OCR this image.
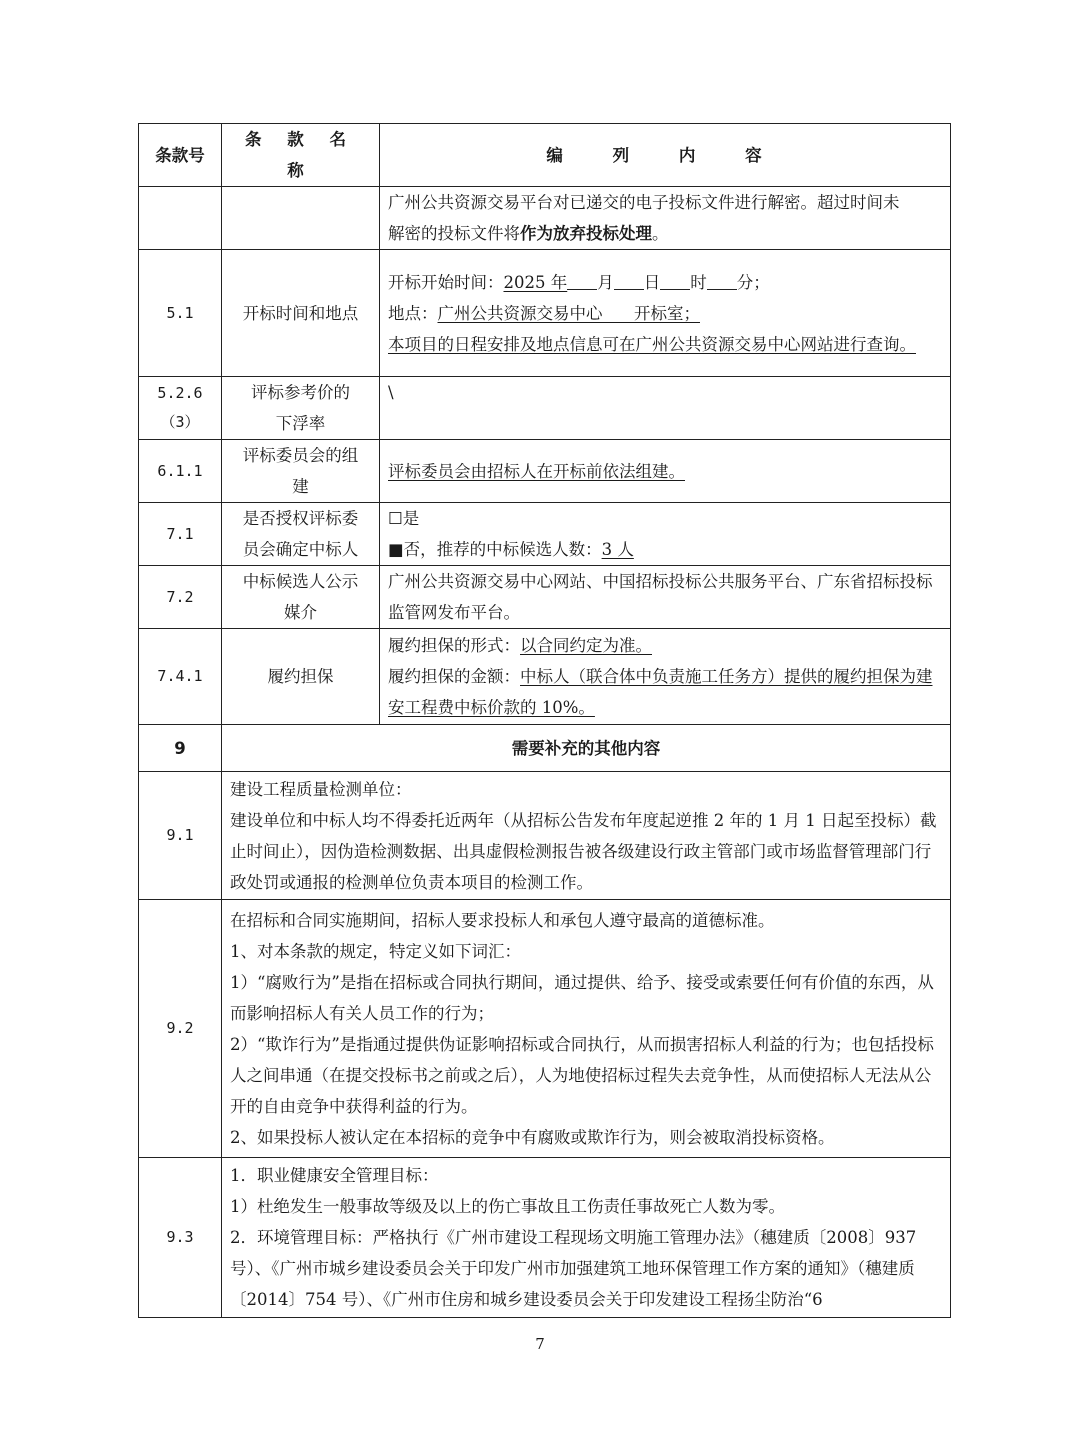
条款号	条 款 名 称	编 列 内 容

		广州公共资源交易平台对已递交的电子投标文件进行解密。超过时间未
解密的投标文件将作为放弃投标处理。

5.1	开标时间和地点	开标开始时间：2025 年 月 日 时 分；
地点：广州公共资源交易中心      开标室；
本项目的日程安排及地点信息可在广州公共资源交易中心网站进行查询。

5.2.6
（3）	评标参考价的
下浮率	\
6.1.1	评标委员会的组
建	评标委员会由招标人在开标前依法组建。
7.1	是否授权评标委
员会确定中标人	☐是
■否，推荐的中标候选人数：3 人

7.2	中标候选人公示
媒介	广州公共资源交易中心网站、中国招标投标公共服务平台、广东省招标投标监管网发布平台。
7.4.1	履约担保	履约担保的形式：以合同约定为准。
履约担保的金额：中标人（联合体中负责施工任务方）提供的履约担保为建安工程费中标价款的 10%。

9	需要补充的其他内容	
9.1	建设工程质量检测单位：
建设单位和中标人均不得委托近两年（从招标公告发布年度起逆推 2 年的 1 月 1 日起至投标）截止时间止），因伪造检测数据、出具虚假检测报告被各级建设行政主管部门或市场监督管理部门行政处罚或通报的检测单位负责本项目的检测工作。	

9.2	在招标和合同实施期间，招标人要求投标人和承包人遵守最高的道德标准。
1、对本条款的规定，特定义如下词汇：
1）“腐败行为”是指在招标或合同执行期间，通过提供、给予、接受或索要任何有价值的东西，从而影响招标人有关人员工作的行为；
2）“欺诈行为”是指通过提供伪证影响招标或合同执行，从而损害招标人利益的行为；也包括投标人之间串通（在提交投标书之前或之后），人为地使招标过程失去竞争性，从而使招标人无法从公开的自由竞争中获得利益的行为。
2、如果投标人被认定在本招标的竞争中有腐败或欺诈行为，则会被取消投标资格。	

9.3	1．职业健康安全管理目标：
1）杜绝发生一般事故等级及以上的伤亡事故且工伤责任事故死亡人数为零。
2．环境管理目标：严格执行《广州市建设工程现场文明施工管理办法》（穗建质〔2008〕937 号）、《广州市城乡建设委员会关于印发广州市加强建筑工地环保管理工作方案的通知》（穗建质〔2014〕754 号）、《广州市住房和城乡建设委员会关于印发建设工程扬尘防治“6	
7
